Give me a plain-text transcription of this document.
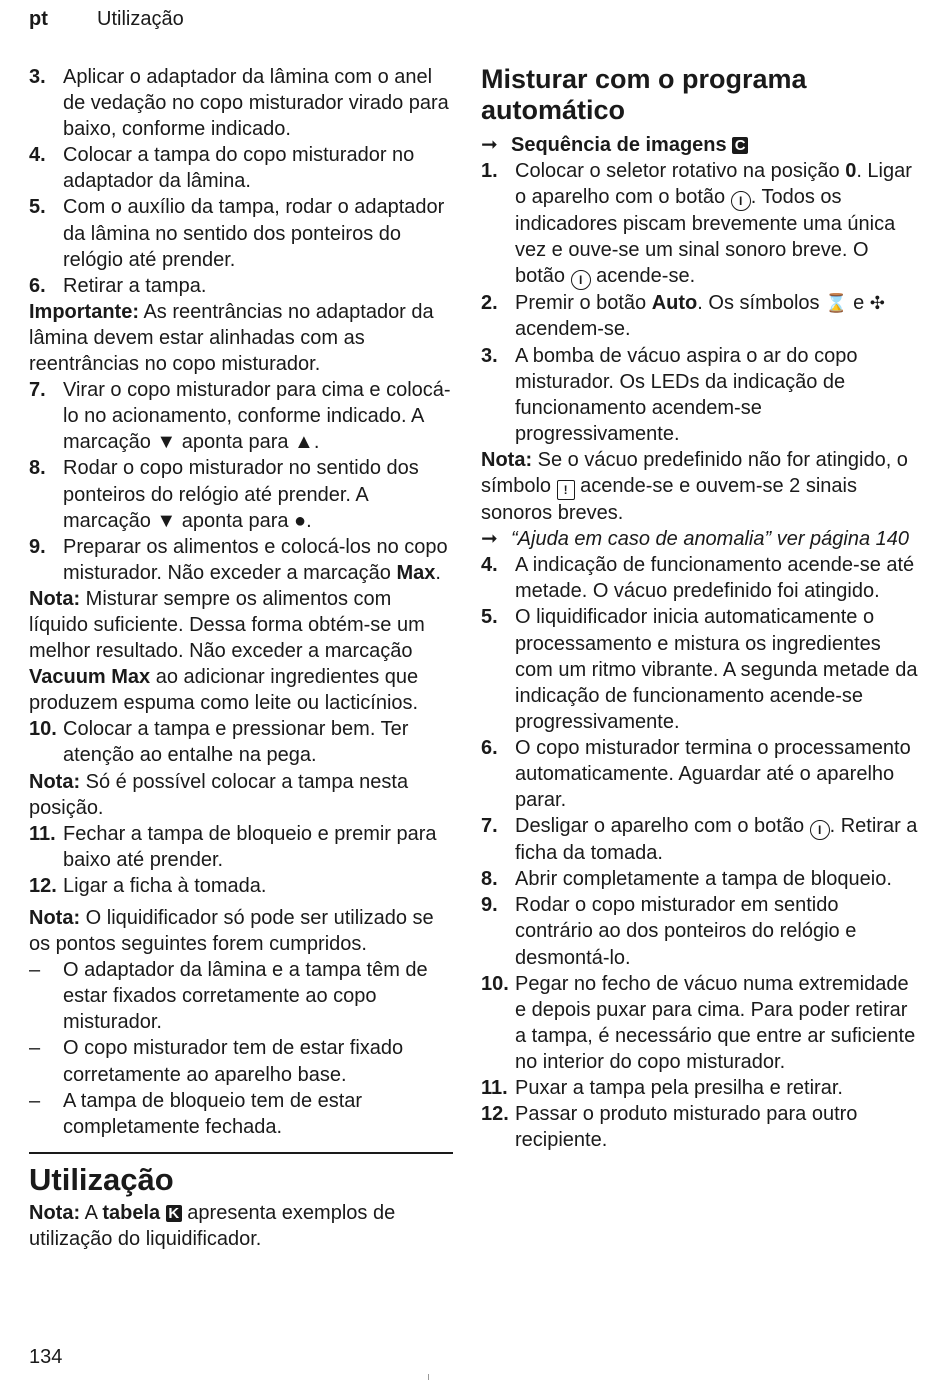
pt Utilização
3. Aplicar o adaptador da lâmina com o anel de vedação no copo misturador virado para baixo, conforme indicado.
4. Colocar a tampa do copo misturador no adaptador da lâmina.
5. Com o auxílio da tampa, rodar o adaptador da lâmina no sentido dos ponteiros do relógio até prender.
6. Retirar a tampa.
Importante: As reentrâncias no adaptador da lâmina devem estar alinhadas com as reentrâncias no copo misturador.
7. Virar o copo misturador para cima e colocá-lo no acionamento, conforme indicado. A marcação ▼ aponta para ▲.
8. Rodar o copo misturador no sentido dos ponteiros do relógio até prender. A marcação ▼ aponta para ●.
9. Preparar os alimentos e colocá-los no copo misturador. Não exceder a marcação Max.
Nota: Misturar sempre os alimentos com líquido suficiente. Dessa forma obtém-se um melhor resultado. Não exceder a marcação Vacuum Max ao adicionar ingredientes que produzem espuma como leite ou lacticínios.
10. Colocar a tampa e pressionar bem. Ter atenção ao entalhe na pega.
Nota: Só é possível colocar a tampa nesta posição.
11. Fechar a tampa de bloqueio e premir para baixo até prender.
12. Ligar a ficha à tomada.
Nota: O liquidificador só pode ser utilizado se os pontos seguintes forem cumpridos.
– O adaptador da lâmina e a tampa têm de estar fixados corretamente ao copo misturador.
– O copo misturador tem de estar fixado corretamente ao aparelho base.
– A tampa de bloqueio tem de estar completamente fechada.
Utilização
Nota: A tabela K apresenta exemplos de utilização do liquidificador.
Misturar com o programa automático
➞ Sequência de imagens C
1. Colocar o seletor rotativo na posição 0. Ligar o aparelho com o botão I . Todos os indicadores piscam brevemente uma única vez e ouve-se um sinal sonoro breve. O botão I acende-se.
2. Premir o botão Auto. Os símbolos ⌛ e ✣ acendem-se.
3. A bomba de vácuo aspira o ar do copo misturador. Os LEDs da indicação de funcionamento acendem-se progressivamente.
Nota: Se o vácuo predefinido não for atingido, o símbolo ! acende-se e ouvem-se 2 sinais sonoros breves.
➞ “Ajuda em caso de anomalia” ver página 140
4. A indicação de funcionamento acende-se até metade. O vácuo predefinido foi atingido.
5. O liquidificador inicia automaticamente o processamento e mistura os ingredientes com um ritmo vibrante. A segunda metade da indicação de funcionamento acende-se progressivamente.
6. O copo misturador termina o processamento automaticamente. Aguardar até o aparelho parar.
7. Desligar o aparelho com o botão I . Retirar a ficha da tomada.
8. Abrir completamente a tampa de bloqueio.
9. Rodar o copo misturador em sentido contrário ao dos ponteiros do relógio e desmontá-lo.
10. Pegar no fecho de vácuo numa extremidade e depois puxar para cima. Para poder retirar a tampa, é necessário que entre ar suficiente no interior do copo misturador.
11. Puxar a tampa pela presilha e retirar.
12. Passar o produto misturado para outro recipiente.
134
